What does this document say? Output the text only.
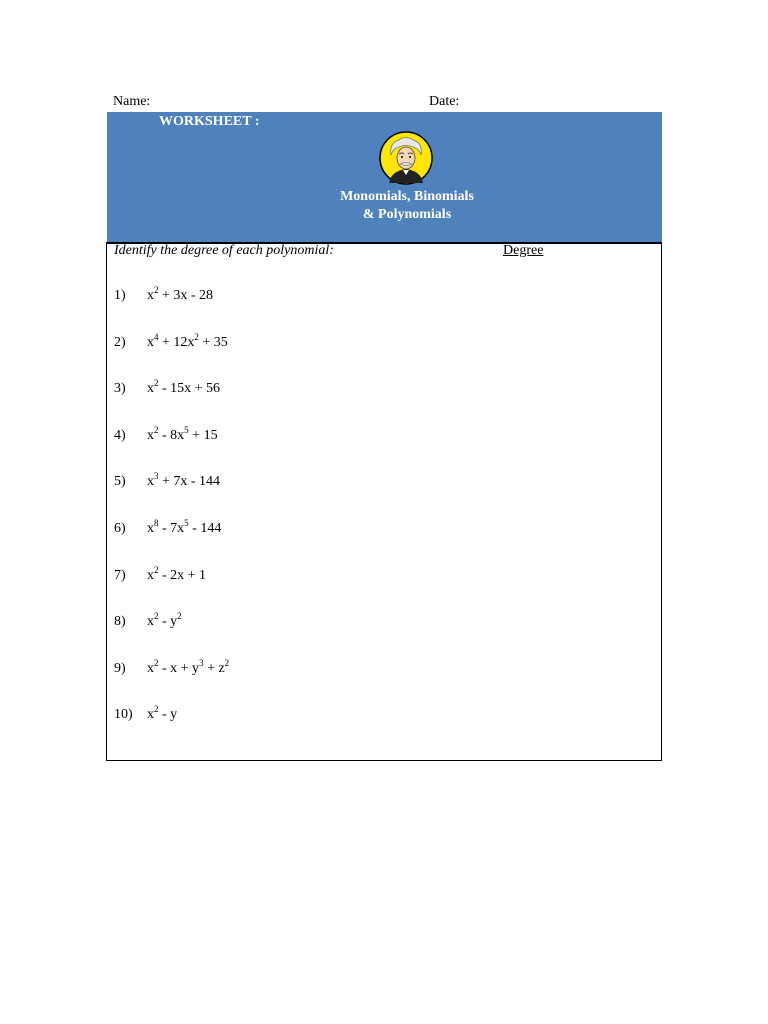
Name:	Date:
WORKSHEET :
Monomials, Binomials
& Polynomials
Identify the degree of each polynomial:	Degree
1) $x^2 + 3x - 28$
2) $x^4 + 12x^2 + 35$
3) $x^2 - 15x + 56$
4) $x^2 - 8x^5 + 15$
5) $x^3 + 7x - 144$
6) $x^8 - 7x^5 - 144$
7) $x^2 - 2x + 1$
8) $x^2 - y^2$
9) $x^2 - x + y^3 + z^2$
10) $x^2$ - y
